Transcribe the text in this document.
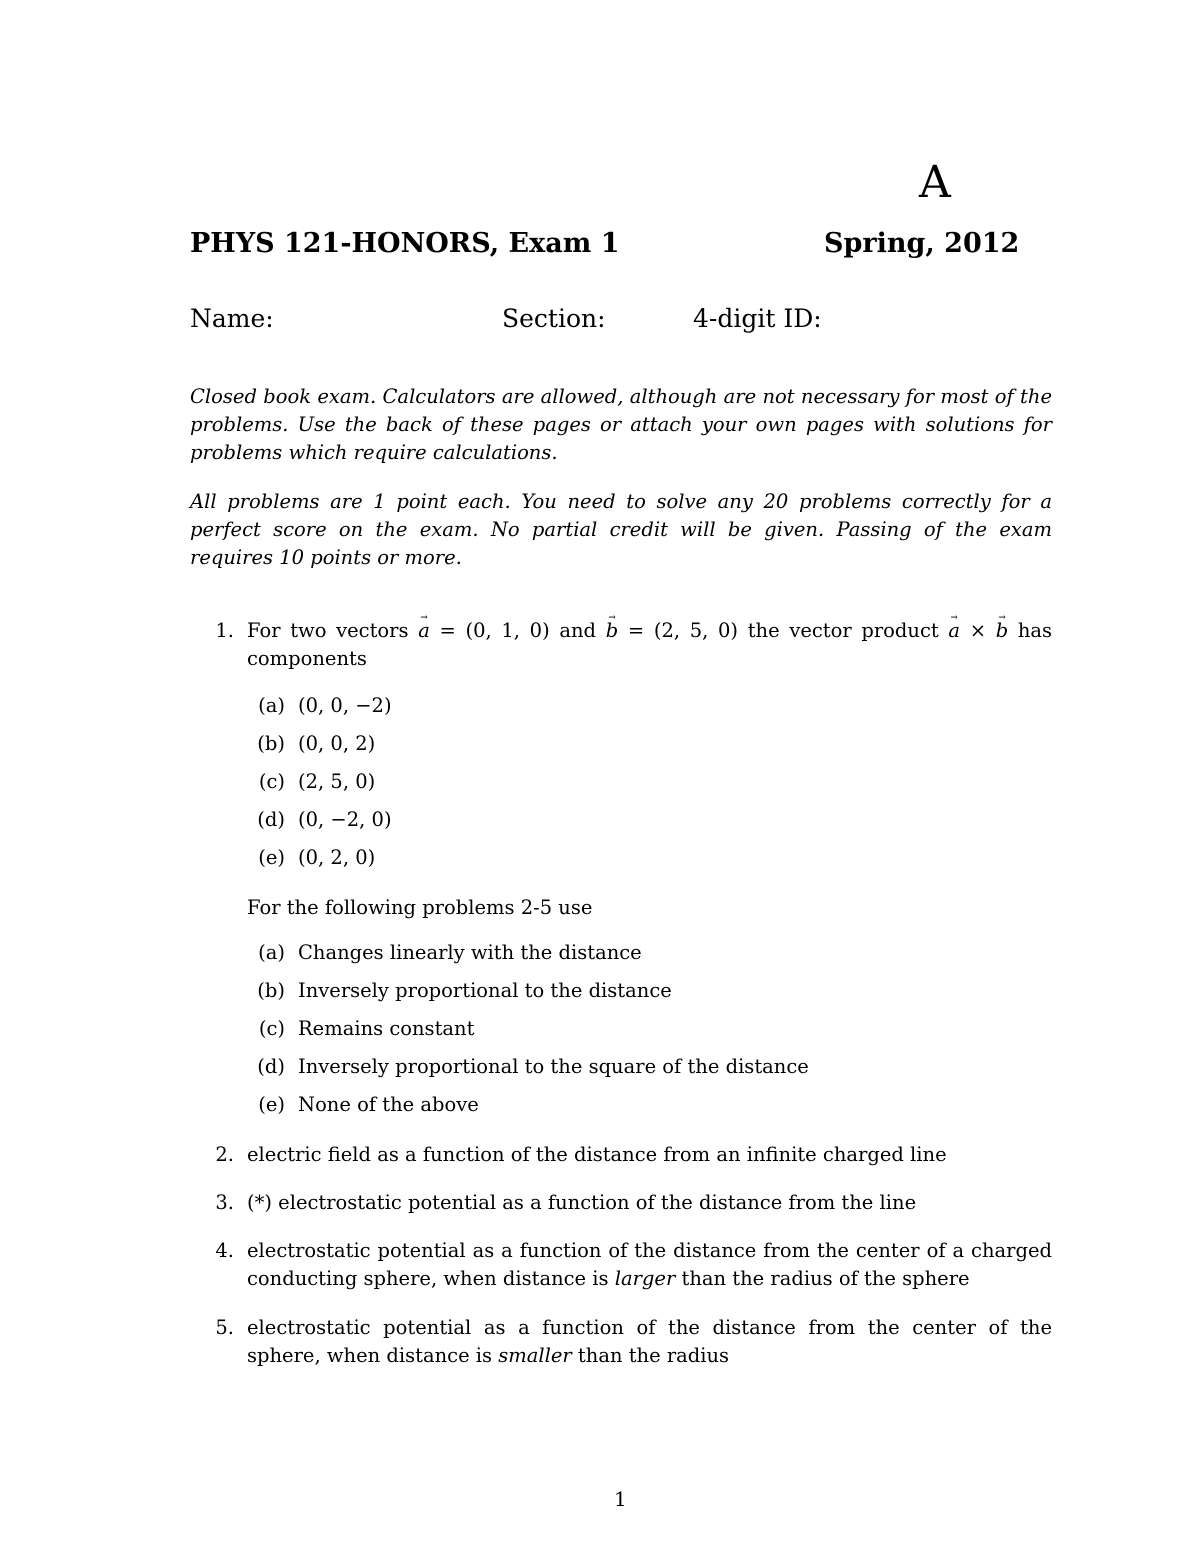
A
PHYS 121-HONORS, Exam 1	Spring, 2012
Name:	Section:	4-digit ID:
Closed book exam. Calculators are allowed, although are not necessary for most of the problems. Use the back of these pages or attach your own pages with solutions for problems which require calculations.
All problems are 1 point each. You need to solve any 20 problems correctly for a perfect score on the exam. No partial credit will be given. Passing of the exam requires 10 points or more.
1. For two vectors → a = (0, 1, 0) and → b = (2, 5, 0) the vector product → a × → b has components
(a) (0, 0, −2)
(b) (0, 0, 2)
(c) (2, 5, 0)
(d) (0, −2, 0)
(e) (0, 2, 0)
For the following problems 2-5 use
(a) Changes linearly with the distance
(b) Inversely proportional to the distance
(c) Remains constant
(d) Inversely proportional to the square of the distance
(e) None of the above
2. electric field as a function of the distance from an infinite charged line
3. (*) electrostatic potential as a function of the distance from the line
4. electrostatic potential as a function of the distance from the center of a charged conducting sphere, when distance is larger than the radius of the sphere
5. electrostatic potential as a function of the distance from the center of the sphere, when distance is smaller than the radius
1
